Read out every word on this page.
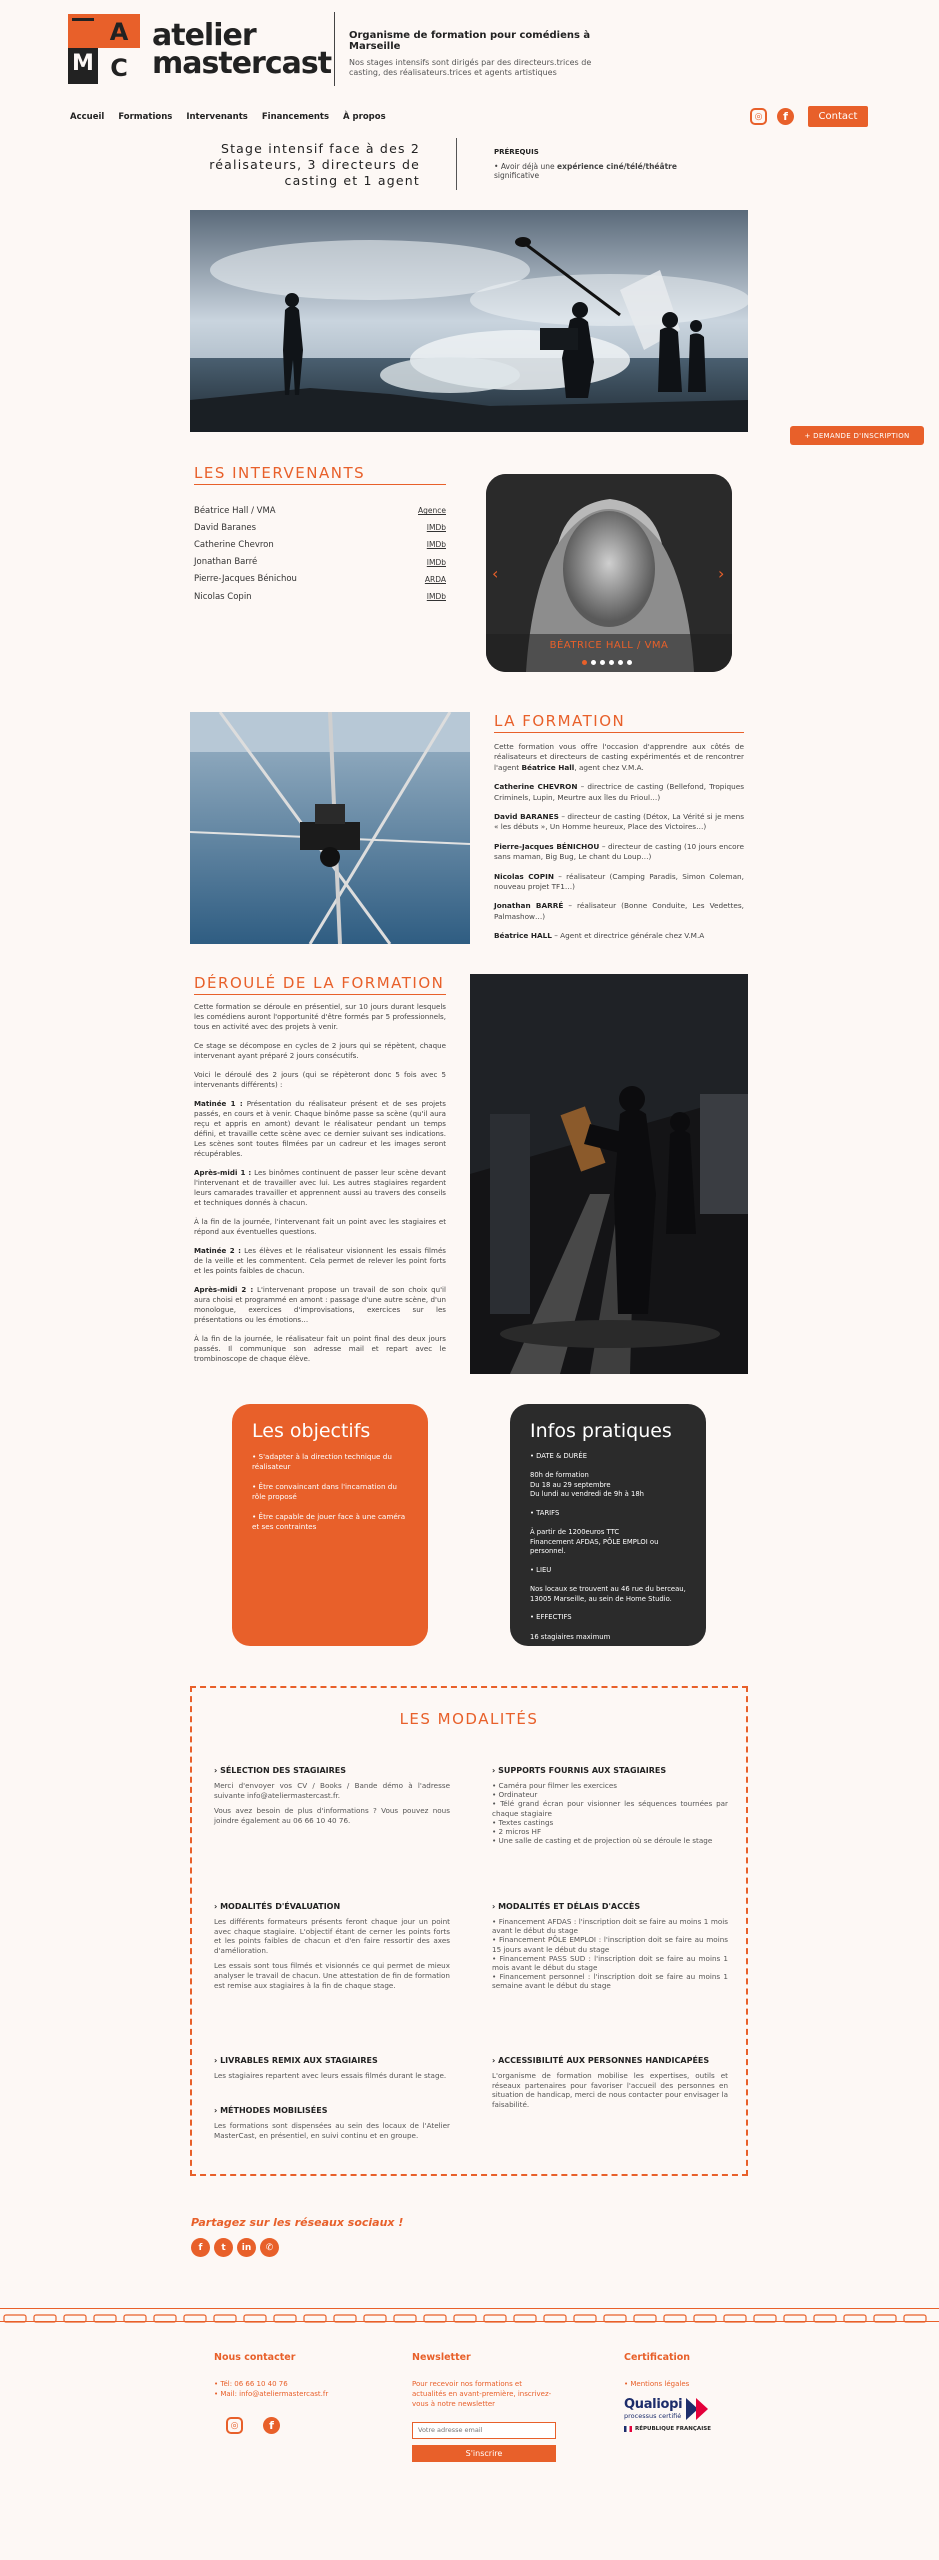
A
M C
atelier
mastercast
Organisme de formation pour comédiens à Marseille
Nos stages intensifs sont dirigés par des directeurs.trices de casting, des réalisateurs.trices et agents artistiques
Accueil Formations Intervenants Financements À propos	◎	f	Contact
Stage intensif face à des 2 réalisateurs, 3 directeurs de casting et 1 agent
PRÉREQUIS
• Avoir déjà une expérience ciné/télé/théâtre significative
+ DEMANDE D'INSCRIPTION
LES INTERVENANTS
Béatrice Hall / VMA	Agence
David Baranes	IMDb
Catherine Chevron	IMDb
Jonathan Barré	IMDb
Pierre-Jacques Bénichou	ARDA
Nicolas Copin	IMDb
BÉATRICE HALL / VMA
‹	›
LA FORMATION

Cette formation vous offre l'occasion d'apprendre aux côtés de réalisateurs et directeurs de casting expérimentés et de rencontrer l'agent Béatrice Hall, agent chez V.M.A.

Catherine CHEVRON – directrice de casting (Bellefond, Tropiques Criminels, Lupin, Meurtre aux îles du Frioul…)

David BARANES – directeur de casting (Détox, La Vérité si je mens « les débuts », Un Homme heureux, Place des Victoires…)

Pierre-Jacques BÉNICHOU – directeur de casting (10 jours encore sans maman, Big Bug, Le chant du Loup…)

Nicolas COPIN – réalisateur (Camping Paradis, Simon Coleman, nouveau projet TF1…)

Jonathan BARRÉ – réalisateur (Bonne Conduite, Les Vedettes, Palmashow…)

Béatrice HALL – Agent et directrice générale chez V.M.A

DÉROULÉ DE LA FORMATION

Cette formation se déroule en présentiel, sur 10 jours durant lesquels les comédiens auront l'opportunité d'être formés par 5 professionnels, tous en activité avec des projets à venir.

Ce stage se décompose en cycles de 2 jours qui se répètent, chaque intervenant ayant préparé 2 jours consécutifs.

Voici le déroulé des 2 jours (qui se répèteront donc 5 fois avec 5 intervenants différents) :

Matinée 1 : Présentation du réalisateur présent et de ses projets passés, en cours et à venir. Chaque binôme passe sa scène (qu'il aura reçu et appris en amont) devant le réalisateur pendant un temps défini, et travaille cette scène avec ce dernier suivant ses indications. Les scènes sont toutes filmées par un cadreur et les images seront récupérables.

Après-midi 1 : Les binômes continuent de passer leur scène devant l'intervenant et de travailler avec lui. Les autres stagiaires regardent leurs camarades travailler et apprennent aussi au travers des conseils et techniques donnés à chacun.

À la fin de la journée, l'intervenant fait un point avec les stagiaires et répond aux éventuelles questions.

Matinée 2 : Les élèves et le réalisateur visionnent les essais filmés de la veille et les commentent. Cela permet de relever les point forts et les points faibles de chacun.

Après-midi 2 : L'intervenant propose un travail de son choix qu'il aura choisi et programmé en amont : passage d'une autre scène, d'un monologue, exercices d'improvisations, exercices sur les présentations ou les émotions…

À la fin de la journée, le réalisateur fait un point final des deux jours passés. Il communique son adresse mail et repart avec le trombinoscope de chaque élève.

Les objectifs

• S'adapter à la direction technique du réalisateur

• Être convaincant dans l'incarnation du rôle proposé

• Être capable de jouer face à une caméra et ses contraintes

Infos pratiques

• DATE & DURÉE

80h de formation
Du 18 au 29 septembre
Du lundi au vendredi de 9h à 18h

• TARIFS

À partir de 1200euros TTC
Financement AFDAS, PÔLE EMPLOI ou personnel.

• LIEU

Nos locaux se trouvent au 46 rue du berceau, 13005 Marseille, au sein de Home Studio.

• EFFECTIFS

16 stagiaires maximum

LES MODALITÉS
› SÉLECTION DES STAGIAIRES

Merci d'envoyer vos CV / Books / Bande démo à l'adresse suivante info@ateliermastercast.fr.

Vous avez besoin de plus d'informations ? Vous pouvez nous joindre également au 06 66 10 40 76.

› SUPPORTS FOURNIS AUX STAGIAIRES
• Caméra pour filmer les exercices
• Ordinateur
• Télé grand écran pour visionner les séquences tournées par chaque stagiaire
• Textes castings
• 2 micros HF
• Une salle de casting et de projection où se déroule le stage
› MODALITÉS D'ÉVALUATION

Les différents formateurs présents feront chaque jour un point avec chaque stagiaire. L'objectif étant de cerner les points forts et les points faibles de chacun et d'en faire ressortir des axes d'amélioration.

Les essais sont tous filmés et visionnés ce qui permet de mieux analyser le travail de chacun. Une attestation de fin de formation est remise aux stagiaires à la fin de chaque stage.

› MODALITÉS ET DÉLAIS D'ACCÈS
• Financement AFDAS : l'inscription doit se faire au moins 1 mois avant le début du stage
• Financement PÔLE EMPLOI : l'inscription doit se faire au moins 15 jours avant le début du stage
• Financement PASS SUD : l'inscription doit se faire au moins 1 mois avant le début du stage
• Financement personnel : l'inscription doit se faire au moins 1 semaine avant le début du stage
› LIVRABLES REMIX AUX STAGIAIRES

Les stagiaires repartent avec leurs essais filmés durant le stage.

› ACCESSIBILITÉ AUX PERSONNES HANDICAPÉES

L'organisme de formation mobilise les expertises, outils et réseaux partenaires pour favoriser l'accueil des personnes en situation de handicap, merci de nous contacter pour envisager la faisabilité.

› MÉTHODES MOBILISÉES

Les formations sont dispensées au sein des locaux de l'Atelier MasterCast, en présentiel, en suivi continu et en groupe.

Partagez sur les réseaux sociaux !
f	t	in	✆
Nous contacter
• Tél: 06 66 10 40 76
• Mail: info@ateliermastercast.fr
◎	f
Newsletter
Pour recevoir nos formations et actualités en avant-première, inscrivez-vous à notre newsletter
Votre adresse email
S'inscrire
Certification
• Mentions légales
Qualiopi
processus certifié
RÉPUBLIQUE FRANÇAISE
